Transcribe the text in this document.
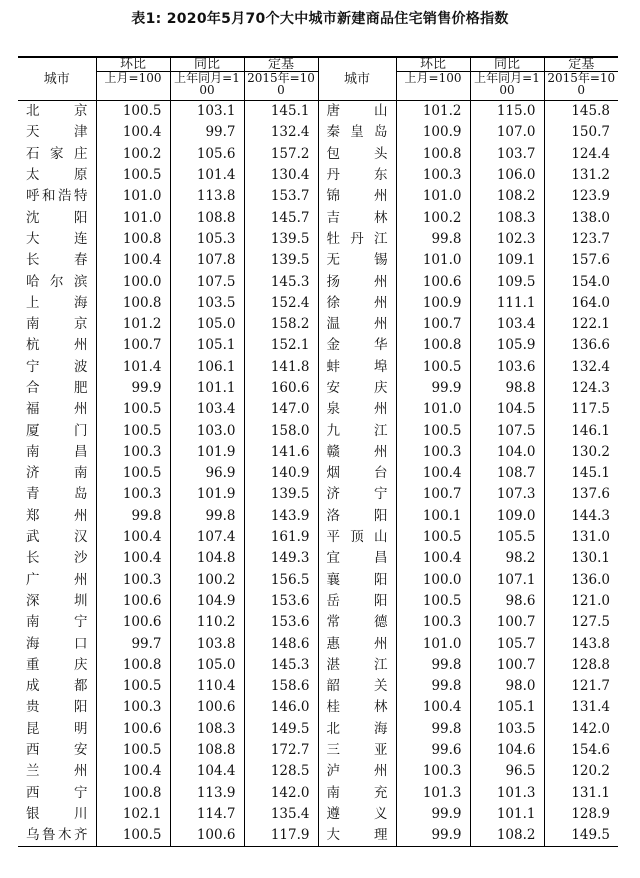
表1: 2020年5月70个大中城市新建商品住宅销售价格指数
城市	环比	同比	定基	城市	环比	同比	定基
	上月=100	上年同月=100	2015年=100		上月=100	上年同月=100	2015年=100
北　京	100.5	103.1	145.1	唐　山	101.2	115.0	145.8
天　津	100.4	99.7	132.4	秦皇岛	100.9	107.0	150.7
石家庄	100.2	105.6	157.2	包　头	100.8	103.7	124.4
太　原	100.5	101.4	130.4	丹　东	100.3	106.0	131.2
呼和浩特	101.0	113.8	153.7	锦　州	101.0	108.2	123.9
沈　阳	101.0	108.8	145.7	吉　林	100.2	108.3	138.0
大　连	100.8	105.3	139.5	牡丹江	99.8	102.3	123.7
长　春	100.4	107.8	139.5	无　锡	101.0	109.1	157.6
哈尔滨	100.0	107.5	145.3	扬　州	100.6	109.5	154.0
上　海	100.8	103.5	152.4	徐　州	100.9	111.1	164.0
南　京	101.2	105.0	158.2	温　州	100.7	103.4	122.1
杭　州	100.7	105.1	152.1	金　华	100.8	105.9	136.6
宁　波	101.4	106.1	141.8	蚌　埠	100.5	103.6	132.4
合　肥	99.9	101.1	160.6	安　庆	99.9	98.8	124.3
福　州	100.5	103.4	147.0	泉　州	101.0	104.5	117.5
厦　门	100.5	103.0	158.0	九　江	100.5	107.5	146.1
南　昌	100.3	101.9	141.6	赣　州	100.3	104.0	130.2
济　南	100.5	96.9	140.9	烟　台	100.4	108.7	145.1
青　岛	100.3	101.9	139.5	济　宁	100.7	107.3	137.6
郑　州	99.8	99.8	143.9	洛　阳	100.1	109.0	144.3
武　汉	100.4	107.4	161.9	平顶山	100.5	105.5	131.0
长　沙	100.4	104.8	149.3	宜　昌	100.4	98.2	130.1
广　州	100.3	100.2	156.5	襄　阳	100.0	107.1	136.0
深　圳	100.6	104.9	153.6	岳　阳	100.5	98.6	121.0
南　宁	100.6	110.2	153.6	常　德	100.3	100.7	127.5
海　口	99.7	103.8	148.6	惠　州	101.0	105.7	143.8
重　庆	100.8	105.0	145.3	湛　江	99.8	100.7	128.8
成　都	100.5	110.4	158.6	韶　关	99.8	98.0	121.7
贵　阳	100.3	100.6	146.0	桂　林	100.4	105.1	131.4
昆　明	100.6	108.3	149.5	北　海	99.8	103.5	142.0
西　安	100.5	108.8	172.7	三　亚	99.6	104.6	154.6
兰　州	100.4	104.4	128.5	泸　州	100.3	96.5	120.2
西　宁	100.8	113.9	142.0	南　充	101.3	101.3	131.1
银　川	102.1	114.7	135.4	遵　义	99.9	101.1	128.9
乌鲁木齐	100.5	100.6	117.9	大　理	99.9	108.2	149.5
